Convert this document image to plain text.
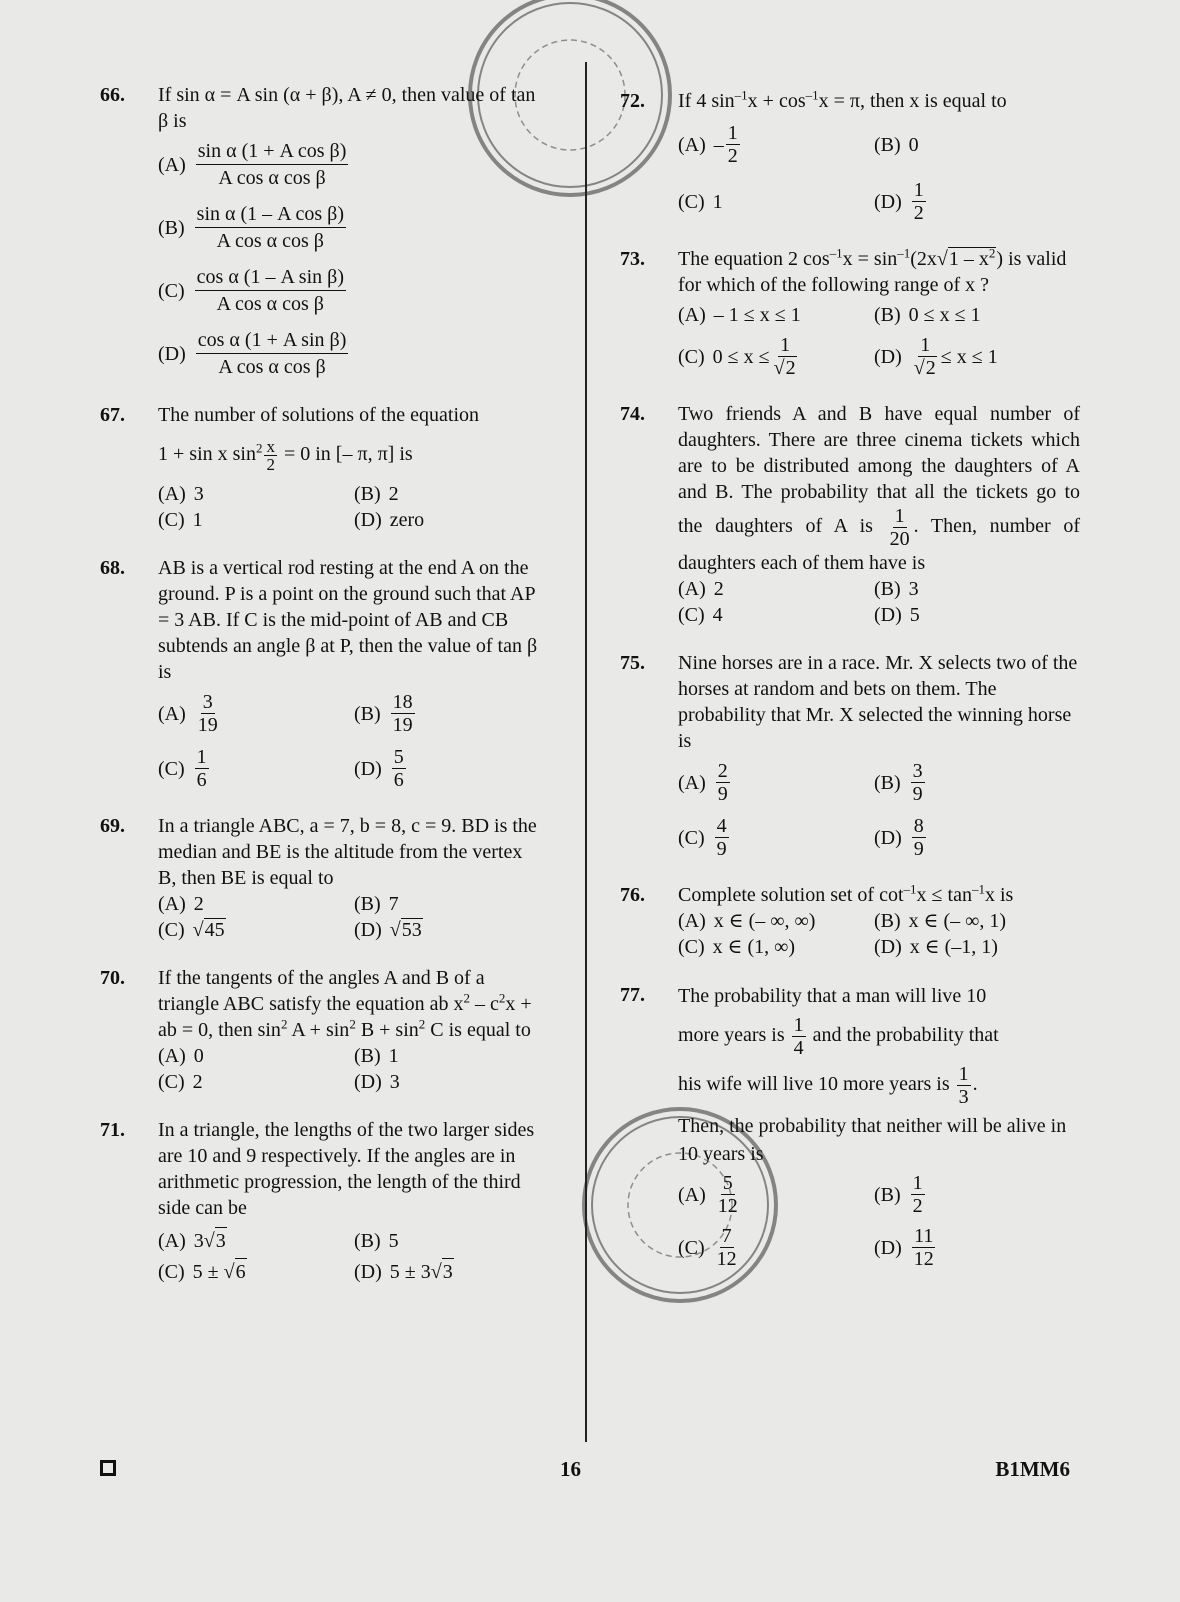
66. If sin α = A sin (α + β), A ≠ 0, then value of tan β is
$(A) \frac{\text{sin α (1 + A cos β)}}{\text{A cos α cos β}}$
$(B) \frac{\text{sin α (1 – A cos β)}}{\text{A cos α cos β}}$
$(C) \frac{\text{cos α (1 – A sin β)}}{\text{A cos α cos β}}$
$(D) \frac{\text{cos α (1 + A sin β)}}{\text{A cos α cos β}}$
67. The number of solutions of the equation
1 + sin x $\sin^2 \frac{x}{2} = 0$ in [– π, π] is
(A) 3	(B) 2
(C) 1	(D) zero
68. AB is a vertical rod resting at the end A on the ground. P is a point on the ground such that AP = 3 AB. If C is the mid-point of AB and CB subtends an angle β at P, then the value of tan β is
$(A) \frac{3}{19}$	$(B) \frac{18}{19}$
$(C) \frac{1}{6}$	$(D) \frac{5}{6}$
69. In a triangle ABC, a = 7, b = 8, c = 9. BD is the median and BE is the altitude from the vertex B, then BE is equal to
(A) 2	(B) 7
(C) √45	(D) √53
70. If the tangents of the angles A and B of a triangle ABC satisfy the equation ab $x^2 - c^2x$ + ab = 0, then $\sin^2 A + \sin^2 B + \sin^2 C$ is equal to
(A) 0	(B) 1
(C) 2	(D) 3
71. In a triangle, the lengths of the two larger sides are 10 and 9 respectively. If the angles are in arithmetic progression, the length of the third side can be
(A) 3 √ 3	(B) 5
(C) 5 ± √ 6	(D) 5 ± 3 √ 3
72. If 4 $\sin^{-1}x + \cos^{-1}x = \pi$, then x is equal to
$(A) - \frac{1}{2}$	(B) 0
(C) 1	$(D) \frac{1}{2}$
73. The equation 2 $\cos^{-1}x = \sin^{-1}(2x√1 - x^2)$ is valid for which of the following range of x ?
(A) – 1 ≤ x ≤ 1	(B) 0 ≤ x ≤ 1
(C) $0 \le x \le \frac{1}{√2}$	$(D) \frac{1}{√2} \le x \le 1$
74. Two friends A and B have equal number of daughters. There are three cinema tickets which are to be distributed among the daughters of A and B. The probability that all the tickets go to the daughters of A is $\frac{1}{20}$ . Then, number of daughters each of them have is
(A) 2	(B) 3
(C) 4	(D) 5
75. Nine horses are in a race. Mr. X selects two of the horses at random and bets on them. The probability that Mr. X selected the winning horse is
$(A) \frac{2}{9}$	$(B) \frac{3}{9}$
$(C) \frac{4}{9}$	$(D) \frac{8}{9}$
76. Complete solution set of $\cot^{-1}x \le \tan^{-1}x$ is
(A) x ∈ (– ∞, ∞)	(B) x ∈ (– ∞, 1)
(C) x ∈ (1, ∞)	(D) x ∈ (–1, 1)
77. The probability that a man will live 10
more years is $\frac{1}{4}$ and the probability that
his wife will live 10 more years is $\frac{1}{3}$ .
Then, the probability that neither will be alive in 10 years is
$(A) \frac{5}{12}$	$(B) \frac{1}{2}$
$(C) \frac{7}{12}$	$(D) \frac{11}{12}$
16	B1MM6
